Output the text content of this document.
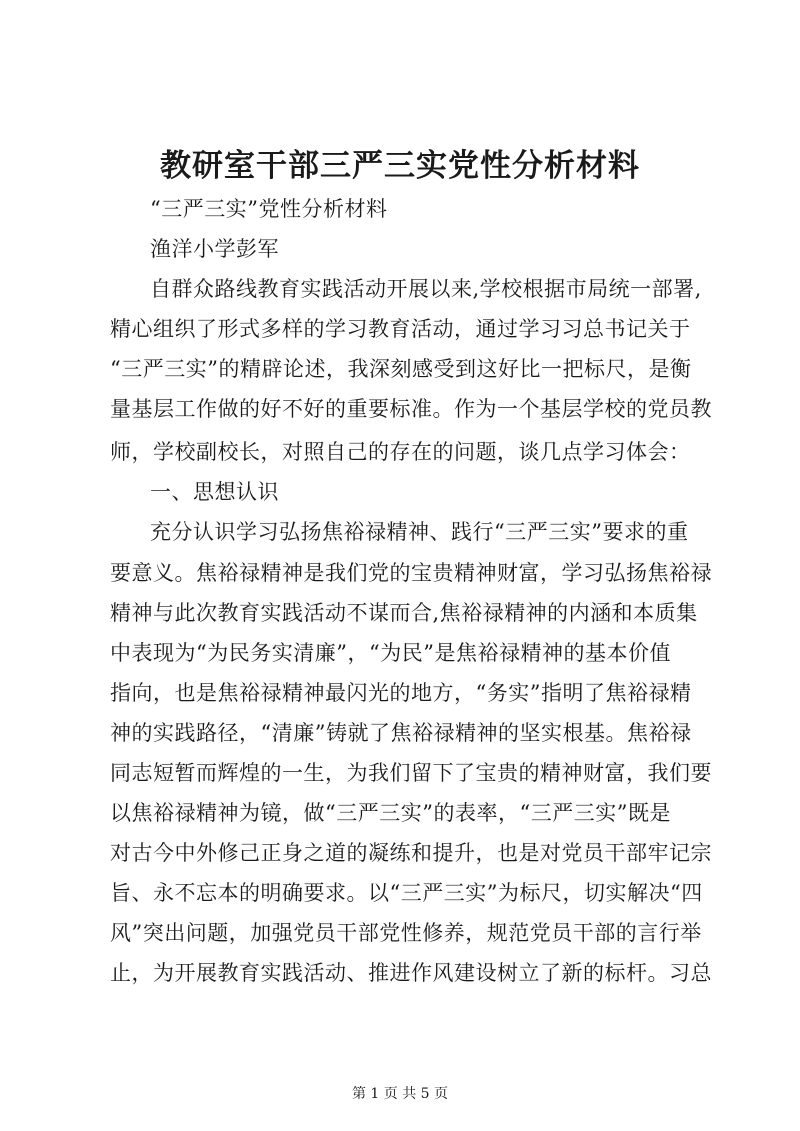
教研室干部三严三实党性分析材料
“三严三实”党性分析材料
渔洋小学彭军
自群众路线教育实践活动开展以来,学校根据市局统一部署,
精心组织了形式多样的学习教育活动，通过学习习总书记关于
“三严三实”的精辟论述，我深刻感受到这好比一把标尺，是衡
量基层工作做的好不好的重要标准。作为一个基层学校的党员教
师，学校副校长，对照自己的存在的问题，谈几点学习体会：
一、思想认识
充分认识学习弘扬焦裕禄精神、践行“三严三实”要求的重
要意义。焦裕禄精神是我们党的宝贵精神财富，学习弘扬焦裕禄
精神与此次教育实践活动不谋而合,焦裕禄精神的内涵和本质集
中表现为“为民务实清廉”，“为民”是焦裕禄精神的基本价值
指向，也是焦裕禄精神最闪光的地方，“务实”指明了焦裕禄精
神的实践路径，“清廉”铸就了焦裕禄精神的坚实根基。焦裕禄
同志短暂而辉煌的一生，为我们留下了宝贵的精神财富，我们要
以焦裕禄精神为镜，做“三严三实”的表率，“三严三实”既是
对古今中外修己正身之道的凝练和提升，也是对党员干部牢记宗
旨、永不忘本的明确要求。以“三严三实”为标尺，切实解决“四
风”突出问题，加强党员干部党性修养，规范党员干部的言行举
止，为开展教育实践活动、推进作风建设树立了新的标杆。习总
第 1 页 共 5 页
